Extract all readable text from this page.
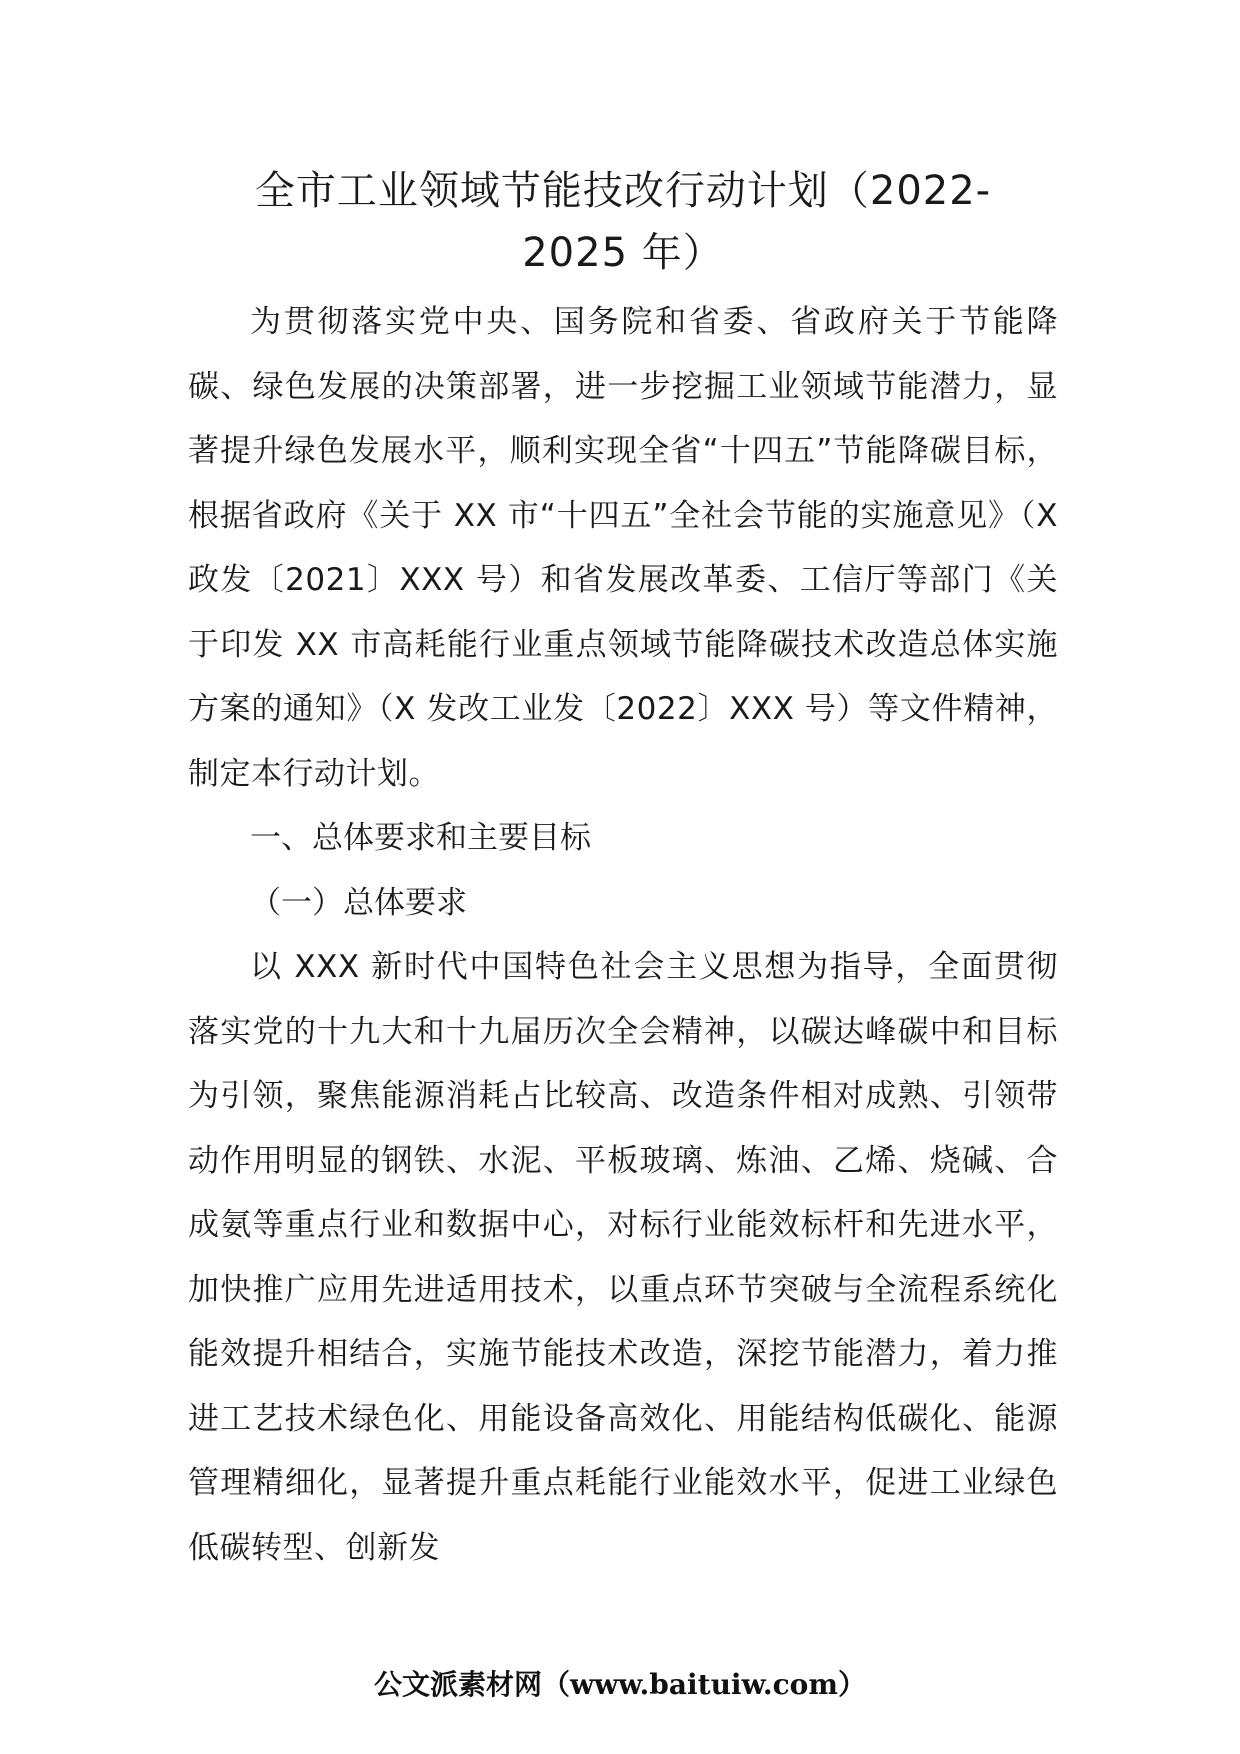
全市工业领域节能技改行动计划（2022-
2025 年）

为贯彻落实党中央、国务院和省委、省政府关于节能降碳、绿色发展的决策部署，进一步挖掘工业领域节能潜力，显著提升绿色发展水平，顺利实现全省“十四五”节能降碳目标，根据省政府《关于 XX 市“十四五”全社会节能的实施意见》（X 政发〔2021〕XXX 号）和省发展改革委、工信厅等部门《关于印发 XX 市高耗能行业重点领域节能降碳技术改造总体实施方案的通知》（X 发改工业发〔2022〕XXX 号）等文件精神，制定本行动计划。

一、总体要求和主要目标

（一）总体要求

以 XXX 新时代中国特色社会主义思想为指导，全面贯彻落实党的十九大和十九届历次全会精神，以碳达峰碳中和目标为引领，聚焦能源消耗占比较高、改造条件相对成熟、引领带动作用明显的钢铁、水泥、平板玻璃、炼油、乙烯、烧碱、合成氨等重点行业和数据中心，对标行业能效标杆和先进水平，加快推广应用先进适用技术，以重点环节突破与全流程系统化能效提升相结合，实施节能技术改造，深挖节能潜力，着力推进工艺技术绿色化、用能设备高效化、用能结构低碳化、能源管理精细化，显著提升重点耗能行业能效水平，促进工业绿色低碳转型、创新发

公文派素材网（www.baituiw.com）
